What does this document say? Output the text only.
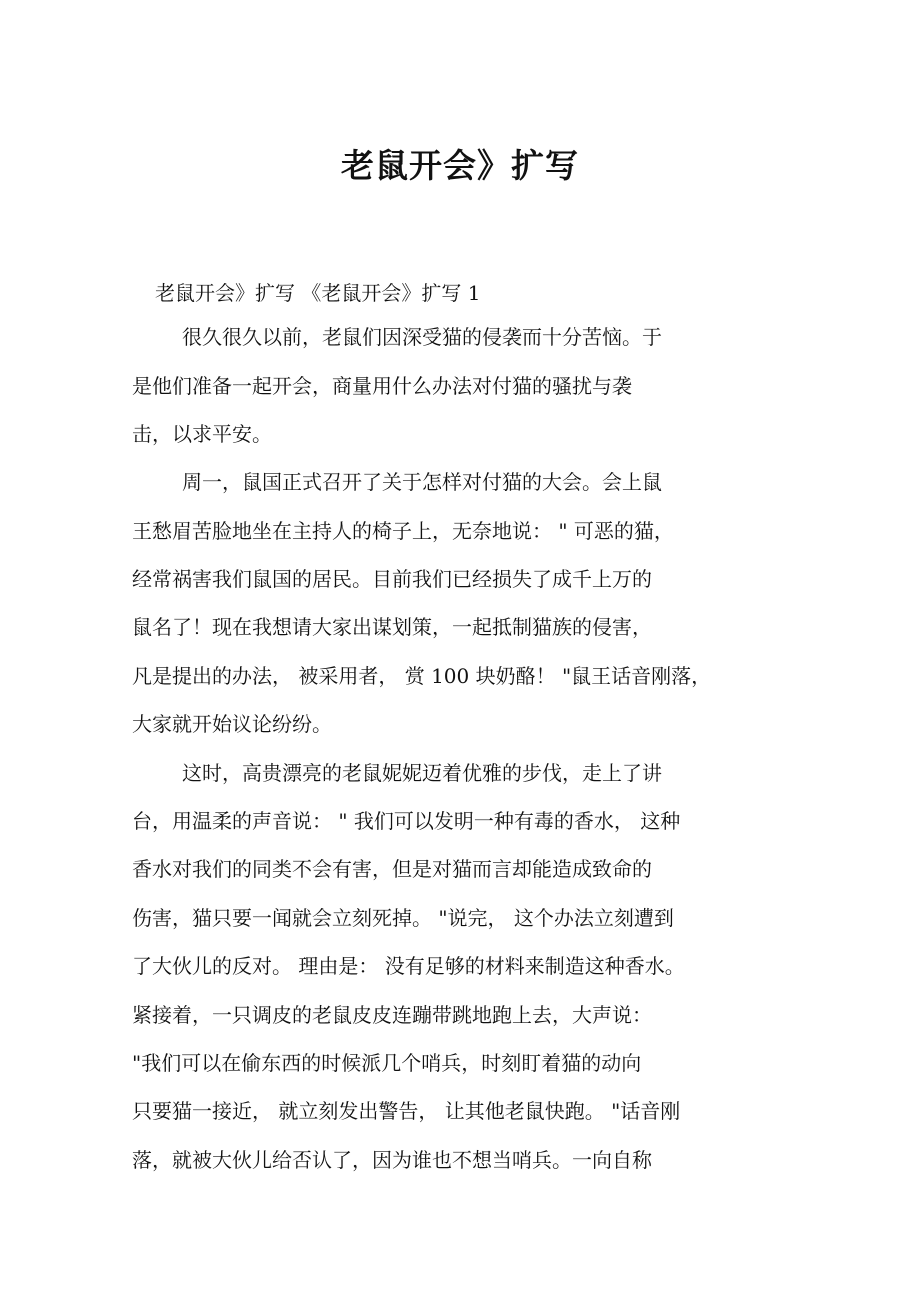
老鼠开会》扩写
老鼠开会》扩写 《老鼠开会》扩写 1
很久很久以前，老鼠们因深受猫的侵袭而十分苦恼。于
是他们准备一起开会，商量用什么办法对付猫的骚扰与袭
击，以求平安。
周一，鼠国正式召开了关于怎样对付猫的大会。会上鼠
王愁眉苦脸地坐在主持人的椅子上，无奈地说： " 可恶的猫，
经常祸害我们鼠国的居民。目前我们已经损失了成千上万的
鼠名了！现在我想请大家出谋划策，一起抵制猫族的侵害，
凡是提出的办法， 被采用者， 赏 100 块奶酪！ "鼠王话音刚落，
大家就开始议论纷纷。
这时，高贵漂亮的老鼠妮妮迈着优雅的步伐，走上了讲
台，用温柔的声音说： " 我们可以发明一种有毒的香水， 这种
香水对我们的同类不会有害，但是对猫而言却能造成致命的
伤害，猫只要一闻就会立刻死掉。 "说完， 这个办法立刻遭到
了大伙儿的反对。 理由是： 没有足够的材料来制造这种香水。
紧接着，一只调皮的老鼠皮皮连蹦带跳地跑上去，大声说：
"我们可以在偷东西的时候派几个哨兵，时刻盯着猫的动向
只要猫一接近， 就立刻发出警告， 让其他老鼠快跑。 "话音刚
落，就被大伙儿给否认了，因为谁也不想当哨兵。一向自称
